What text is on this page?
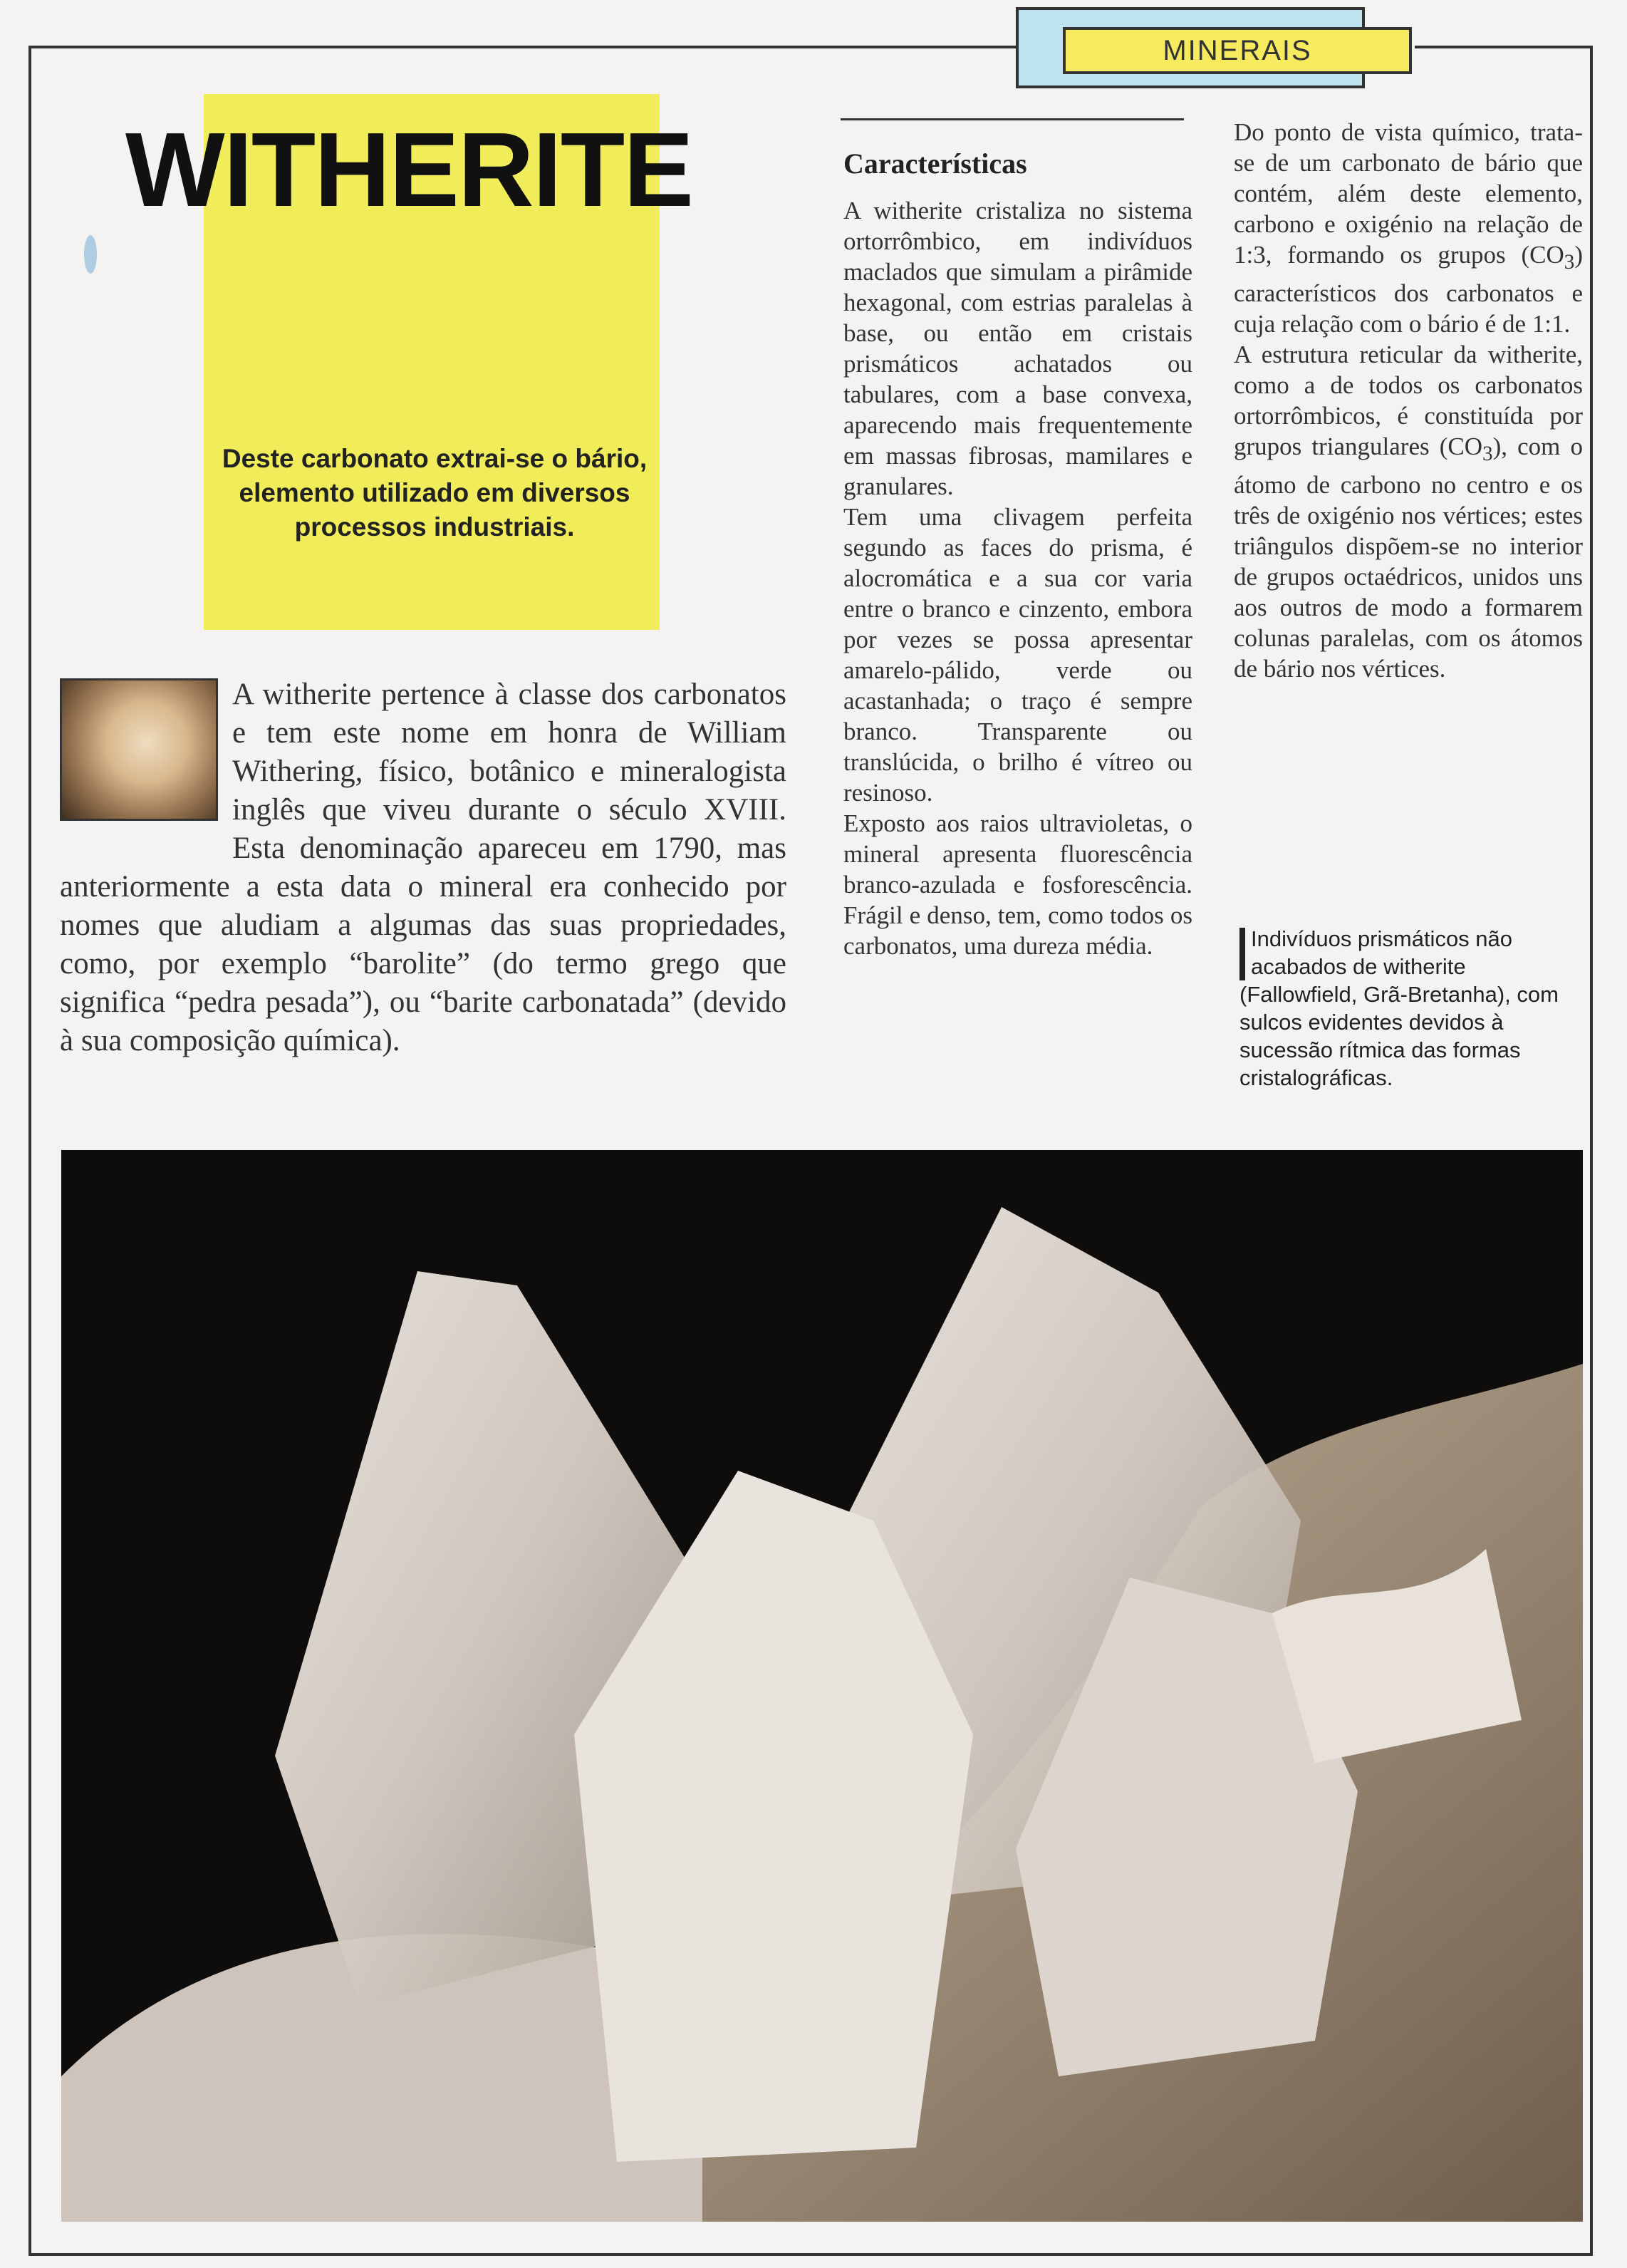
MINERAIS
WITHERITE

Deste carbonato extrai-se o bário, elemento utilizado em diversos processos industriais.

A witherite pertence à classe dos carbonatos e tem este nome em honra de William Withering, físico, botânico e mineralogista inglês que viveu durante o século XVIII. Esta denominação apareceu em 1790, mas anteriormente a esta data o mineral era conhecido por nomes que aludiam a algumas das suas propriedades, como, por exemplo “barolite” (do termo grego que significa “pedra pesada”), ou “barite carbonatada” (devido à sua composição química).

Características

A witherite cristaliza no sistema ortorrômbico, em indivíduos maclados que simulam a pirâmide hexagonal, com estrias paralelas à base, ou então em cristais prismáticos achatados ou tabulares, com a base convexa, aparecendo mais frequentemente em massas fibrosas, mamilares e granulares.

Tem uma clivagem perfeita segundo as faces do prisma, é alocromática e a sua cor varia entre o branco e cinzento, embora por vezes se possa apresentar amarelo-pálido, verde ou acastanhada; o traço é sempre branco. Transparente ou translúcida, o brilho é vítreo ou resinoso.

Exposto aos raios ultravioletas, o mineral apresenta fluorescência branco-azulada e fosforescência. Frágil e denso, tem, como todos os carbonatos, uma dureza média.

Do ponto de vista químico, trata-se de um carbonato de bário que contém, além deste elemento, carbono e oxigénio na relação de 1:3, formando os grupos $(CO_3)$ característicos dos carbonatos e cuja relação com o bário é de 1:1.

A estrutura reticular da witherite, como a de todos os carbonatos ortorrômbicos, é constituída por grupos triangulares $(CO_3)$, com o átomo de carbono no centro e os três de oxigénio nos vértices; estes triângulos dispõem-se no interior de grupos octaédricos, unidos uns aos outros de modo a formarem colunas paralelas, com os átomos de bário nos vértices.

Indivíduos prismáticos não acabados de witherite (Fallowfield, Grã-Bretanha), com sulcos evidentes devidos à sucessão rítmica das formas cristalográficas.
